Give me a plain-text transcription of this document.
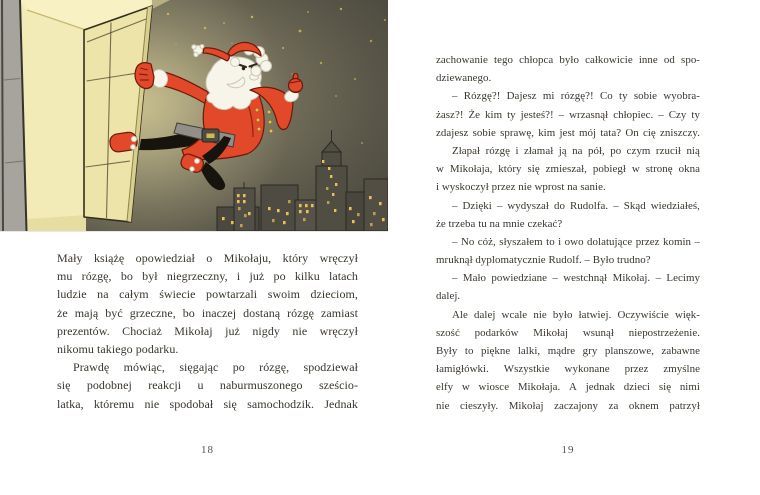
Mały książę opowiedział o Mikołaju, który wręczył
mu rózgę, bo był niegrzeczny, i już po kilku latach
ludzie na całym świecie powtarzali swoim dzieciom,
że mają być grzeczne, bo inaczej dostaną rózgę zamiast
prezentów. Chociaż Mikołaj już nigdy nie wręczył
nikomu takiego podarku.
Prawdę mówiąc, sięgając po rózgę, spodziewał
się podobnej reakcji u naburmuszonego sześcio-
latka, któremu nie spodobał się samochodzik. Jednak
18
zachowanie tego chłopca było całkowicie inne od spo-
dziewanego.
– Rózgę?! Dajesz mi rózgę?! Co ty sobie wyobra-
żasz?! Że kim ty jesteś?! – wrzasnął chłopiec. – Czy ty
zdajesz sobie sprawę, kim jest mój tata? On cię zniszczy.
Złapał rózgę i złamał ją na pół, po czym rzucił nią
w Mikołaja, który się zmieszał, pobiegł w stronę okna
i wyskoczył przez nie wprost na sanie.
– Dzięki – wydyszał do Rudolfa. – Skąd wiedziałeś,
że trzeba tu na mnie czekać?
– No cóż, słyszałem to i owo dolatujące przez komin –
mruknął dyplomatycznie Rudolf. – Było trudno?
– Mało powiedziane – westchnął Mikołaj. – Lecimy
dalej.
Ale dalej wcale nie było łatwiej. Oczywiście więk-
szość podarków Mikołaj wsunął niepostrzeżenie.
Były to piękne lalki, mądre gry planszowe, zabawne
łamigłówki. Wszystkie wykonane przez zmyślne
elfy w wiosce Mikołaja. A jednak dzieci się nimi
nie cieszyły. Mikołaj zaczajony za oknem patrzył
19
